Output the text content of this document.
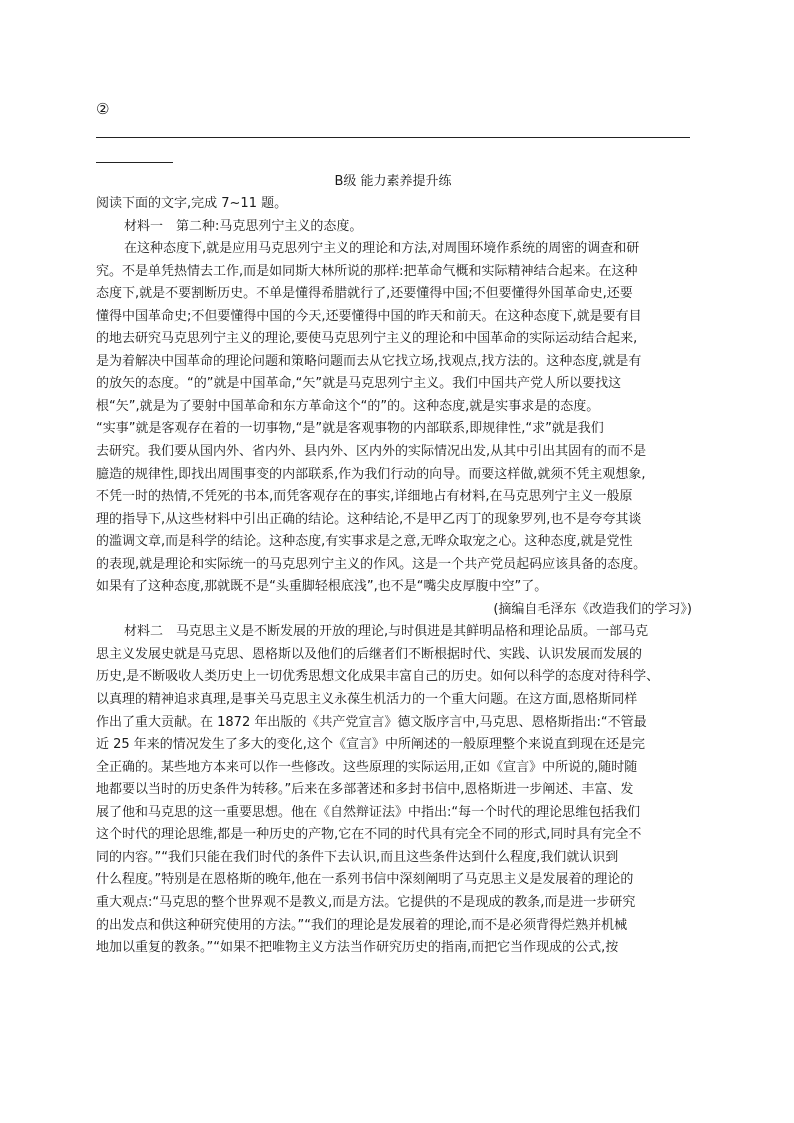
②
B级 能力素养提升练
阅读下面的文字,完成 7~11 题。
材料一　第二种:马克思列宁主义的态度。
在这种态度下,就是应用马克思列宁主义的理论和方法,对周围环境作系统的周密的调查和研
究。不是单凭热情去工作,而是如同斯大林所说的那样:把革命气概和实际精神结合起来。在这种
态度下,就是不要割断历史。不单是懂得希腊就行了,还要懂得中国;不但要懂得外国革命史,还要
懂得中国革命史;不但要懂得中国的今天,还要懂得中国的昨天和前天。在这种态度下,就是要有目
的地去研究马克思列宁主义的理论,要使马克思列宁主义的理论和中国革命的实际运动结合起来,
是为着解决中国革命的理论问题和策略问题而去从它找立场,找观点,找方法的。这种态度,就是有
的放矢的态度。“的”就是中国革命,“矢”就是马克思列宁主义。我们中国共产党人所以要找这
根“矢”,就是为了要射中国革命和东方革命这个“的”的。这种态度,就是实事求是的态度。
“实事”就是客观存在着的一切事物,“是”就是客观事物的内部联系,即规律性,“求”就是我们
去研究。我们要从国内外、省内外、县内外、区内外的实际情况出发,从其中引出其固有的而不是
臆造的规律性,即找出周围事变的内部联系,作为我们行动的向导。而要这样做,就须不凭主观想象,
不凭一时的热情,不凭死的书本,而凭客观存在的事实,详细地占有材料,在马克思列宁主义一般原
理的指导下,从这些材料中引出正确的结论。这种结论,不是甲乙丙丁的现象罗列,也不是夸夸其谈
的滥调文章,而是科学的结论。这种态度,有实事求是之意,无哗众取宠之心。这种态度,就是党性
的表现,就是理论和实际统一的马克思列宁主义的作风。这是一个共产党员起码应该具备的态度。
如果有了这种态度,那就既不是“头重脚轻根底浅”,也不是“嘴尖皮厚腹中空”了。
(摘编自毛泽东《改造我们的学习》)
材料二　马克思主义是不断发展的开放的理论,与时俱进是其鲜明品格和理论品质。一部马克
思主义发展史就是马克思、恩格斯以及他们的后继者们不断根据时代、实践、认识发展而发展的
历史,是不断吸收人类历史上一切优秀思想文化成果丰富自己的历史。如何以科学的态度对待科学、
以真理的精神追求真理,是事关马克思主义永葆生机活力的一个重大问题。在这方面,恩格斯同样
作出了重大贡献。在 1872 年出版的《共产党宣言》德文版序言中,马克思、恩格斯指出:“不管最
近 25 年来的情况发生了多大的变化,这个《宣言》中所阐述的一般原理整个来说直到现在还是完
全正确的。某些地方本来可以作一些修改。这些原理的实际运用,正如《宣言》中所说的,随时随
地都要以当时的历史条件为转移。”后来在多部著述和多封书信中,恩格斯进一步阐述、丰富、发
展了他和马克思的这一重要思想。他在《自然辩证法》中指出:“每一个时代的理论思维包括我们
这个时代的理论思维,都是一种历史的产物,它在不同的时代具有完全不同的形式,同时具有完全不
同的内容。”“我们只能在我们时代的条件下去认识,而且这些条件达到什么程度,我们就认识到
什么程度。”特别是在恩格斯的晚年,他在一系列书信中深刻阐明了马克思主义是发展着的理论的
重大观点:“马克思的整个世界观不是教义,而是方法。它提供的不是现成的教条,而是进一步研究
的出发点和供这种研究使用的方法。”“我们的理论是发展着的理论,而不是必须背得烂熟并机械
地加以重复的教条。”“如果不把唯物主义方法当作研究历史的指南,而把它当作现成的公式,按
